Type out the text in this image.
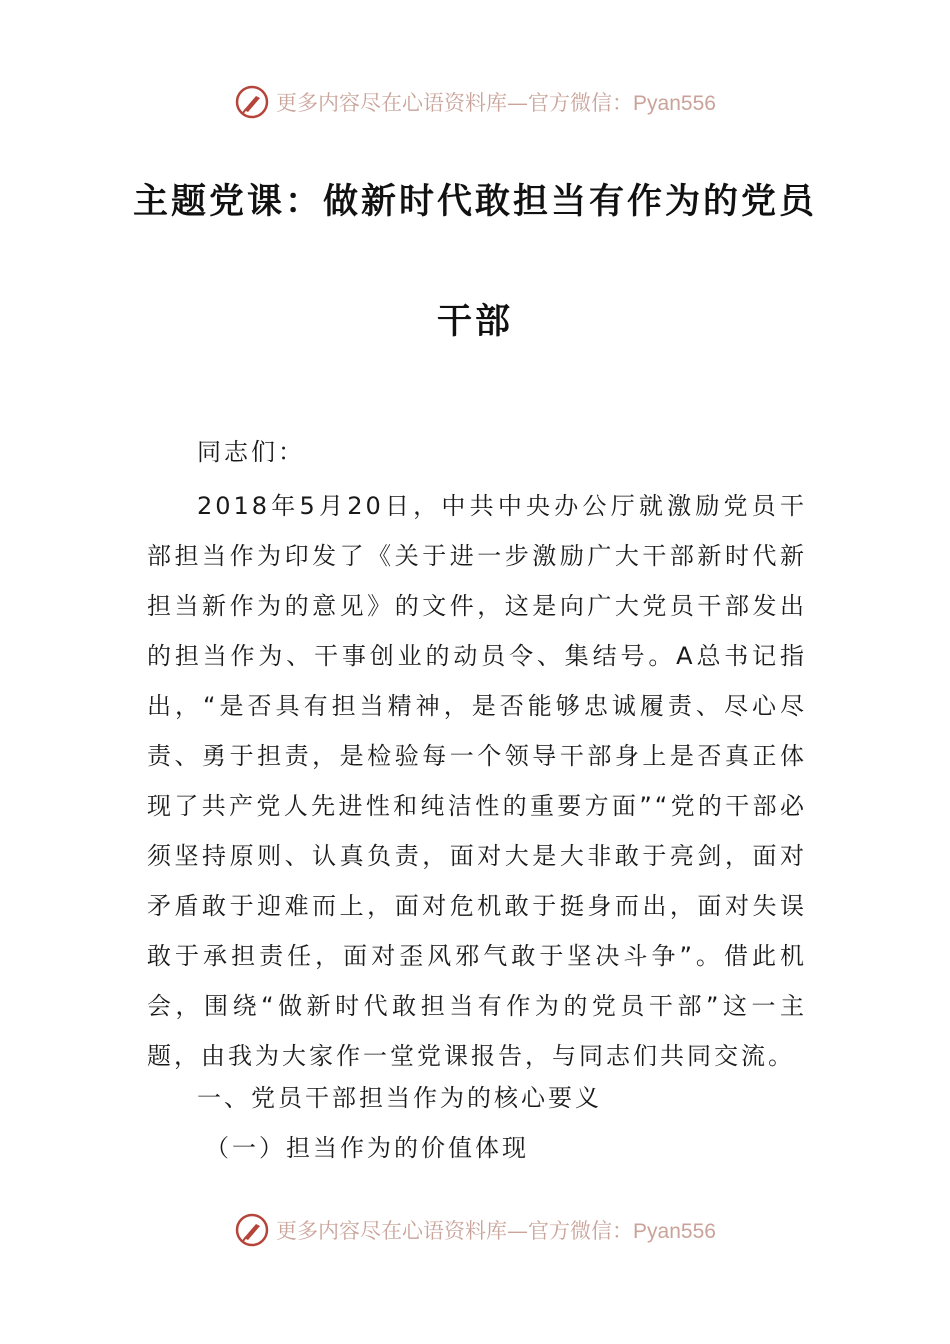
更多内容尽在心语资料库—官方微信：Pyan556
主题党课：做新时代敢担当有作为的党员
干部
同志们：
2018年5月20日，中共中央办公厅就激励党员干部担当作为印发了《关于进一步激励广大干部新时代新担当新作为的意见》的文件，这是向广大党员干部发出的担当作为、干事创业的动员令、集结号。A总书记指出，“是否具有担当精神，是否能够忠诚履责、尽心尽责、勇于担责，是检验每一个领导干部身上是否真正体现了共产党人先进性和纯洁性的重要方面”“党的干部必须坚持原则、认真负责，面对大是大非敢于亮剑，面对矛盾敢于迎难而上，面对危机敢于挺身而出，面对失误敢于承担责任，面对歪风邪气敢于坚决斗争”。借此机会，围绕“做新时代敢担当有作为的党员干部”这一主题，由我为大家作一堂党课报告，与同志们共同交流。
一、党员干部担当作为的核心要义
（一）担当作为的价值体现
更多内容尽在心语资料库—官方微信：Pyan556
